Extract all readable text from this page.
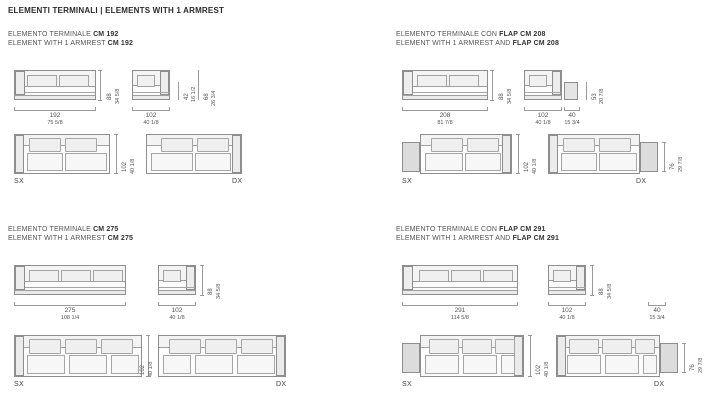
ELEMENTI TERMINALI | ELEMENTS WITH 1 ARMREST
ELEMENTO TERMINALE CM 192
ELEMENT WITH 1 ARMREST CM 192
192
75 5/8
88 34 5/8
102
40 1/8
42 16 1/2 68 26 3/4
102 40 1/8
SX	DX
ELEMENTO TERMINALE CON FLAP CM 208
ELEMENT WITH 1 ARMREST AND FLAP CM 208
208
81 7/8
88 34 5/8
102
40 1/8
40
15 3/4
53 20 7/8
102 40 1/8	76 29 7/8
SX	DX
ELEMENTO TERMINALE CM 275
ELEMENT WITH 1 ARMREST CM 275
275
108 1/4
102
40 1/8
88 34 5/8
102 40 1/8
SX	DX
ELEMENTO TERMINALE CON FLAP CM 291
ELEMENT WITH 1 ARMREST AND FLAP CM 291
291
114 5/8
102
40 1/8
88 34 5/8
40
15 3/4
102 40 1/8	76 29 7/8
SX	DX
